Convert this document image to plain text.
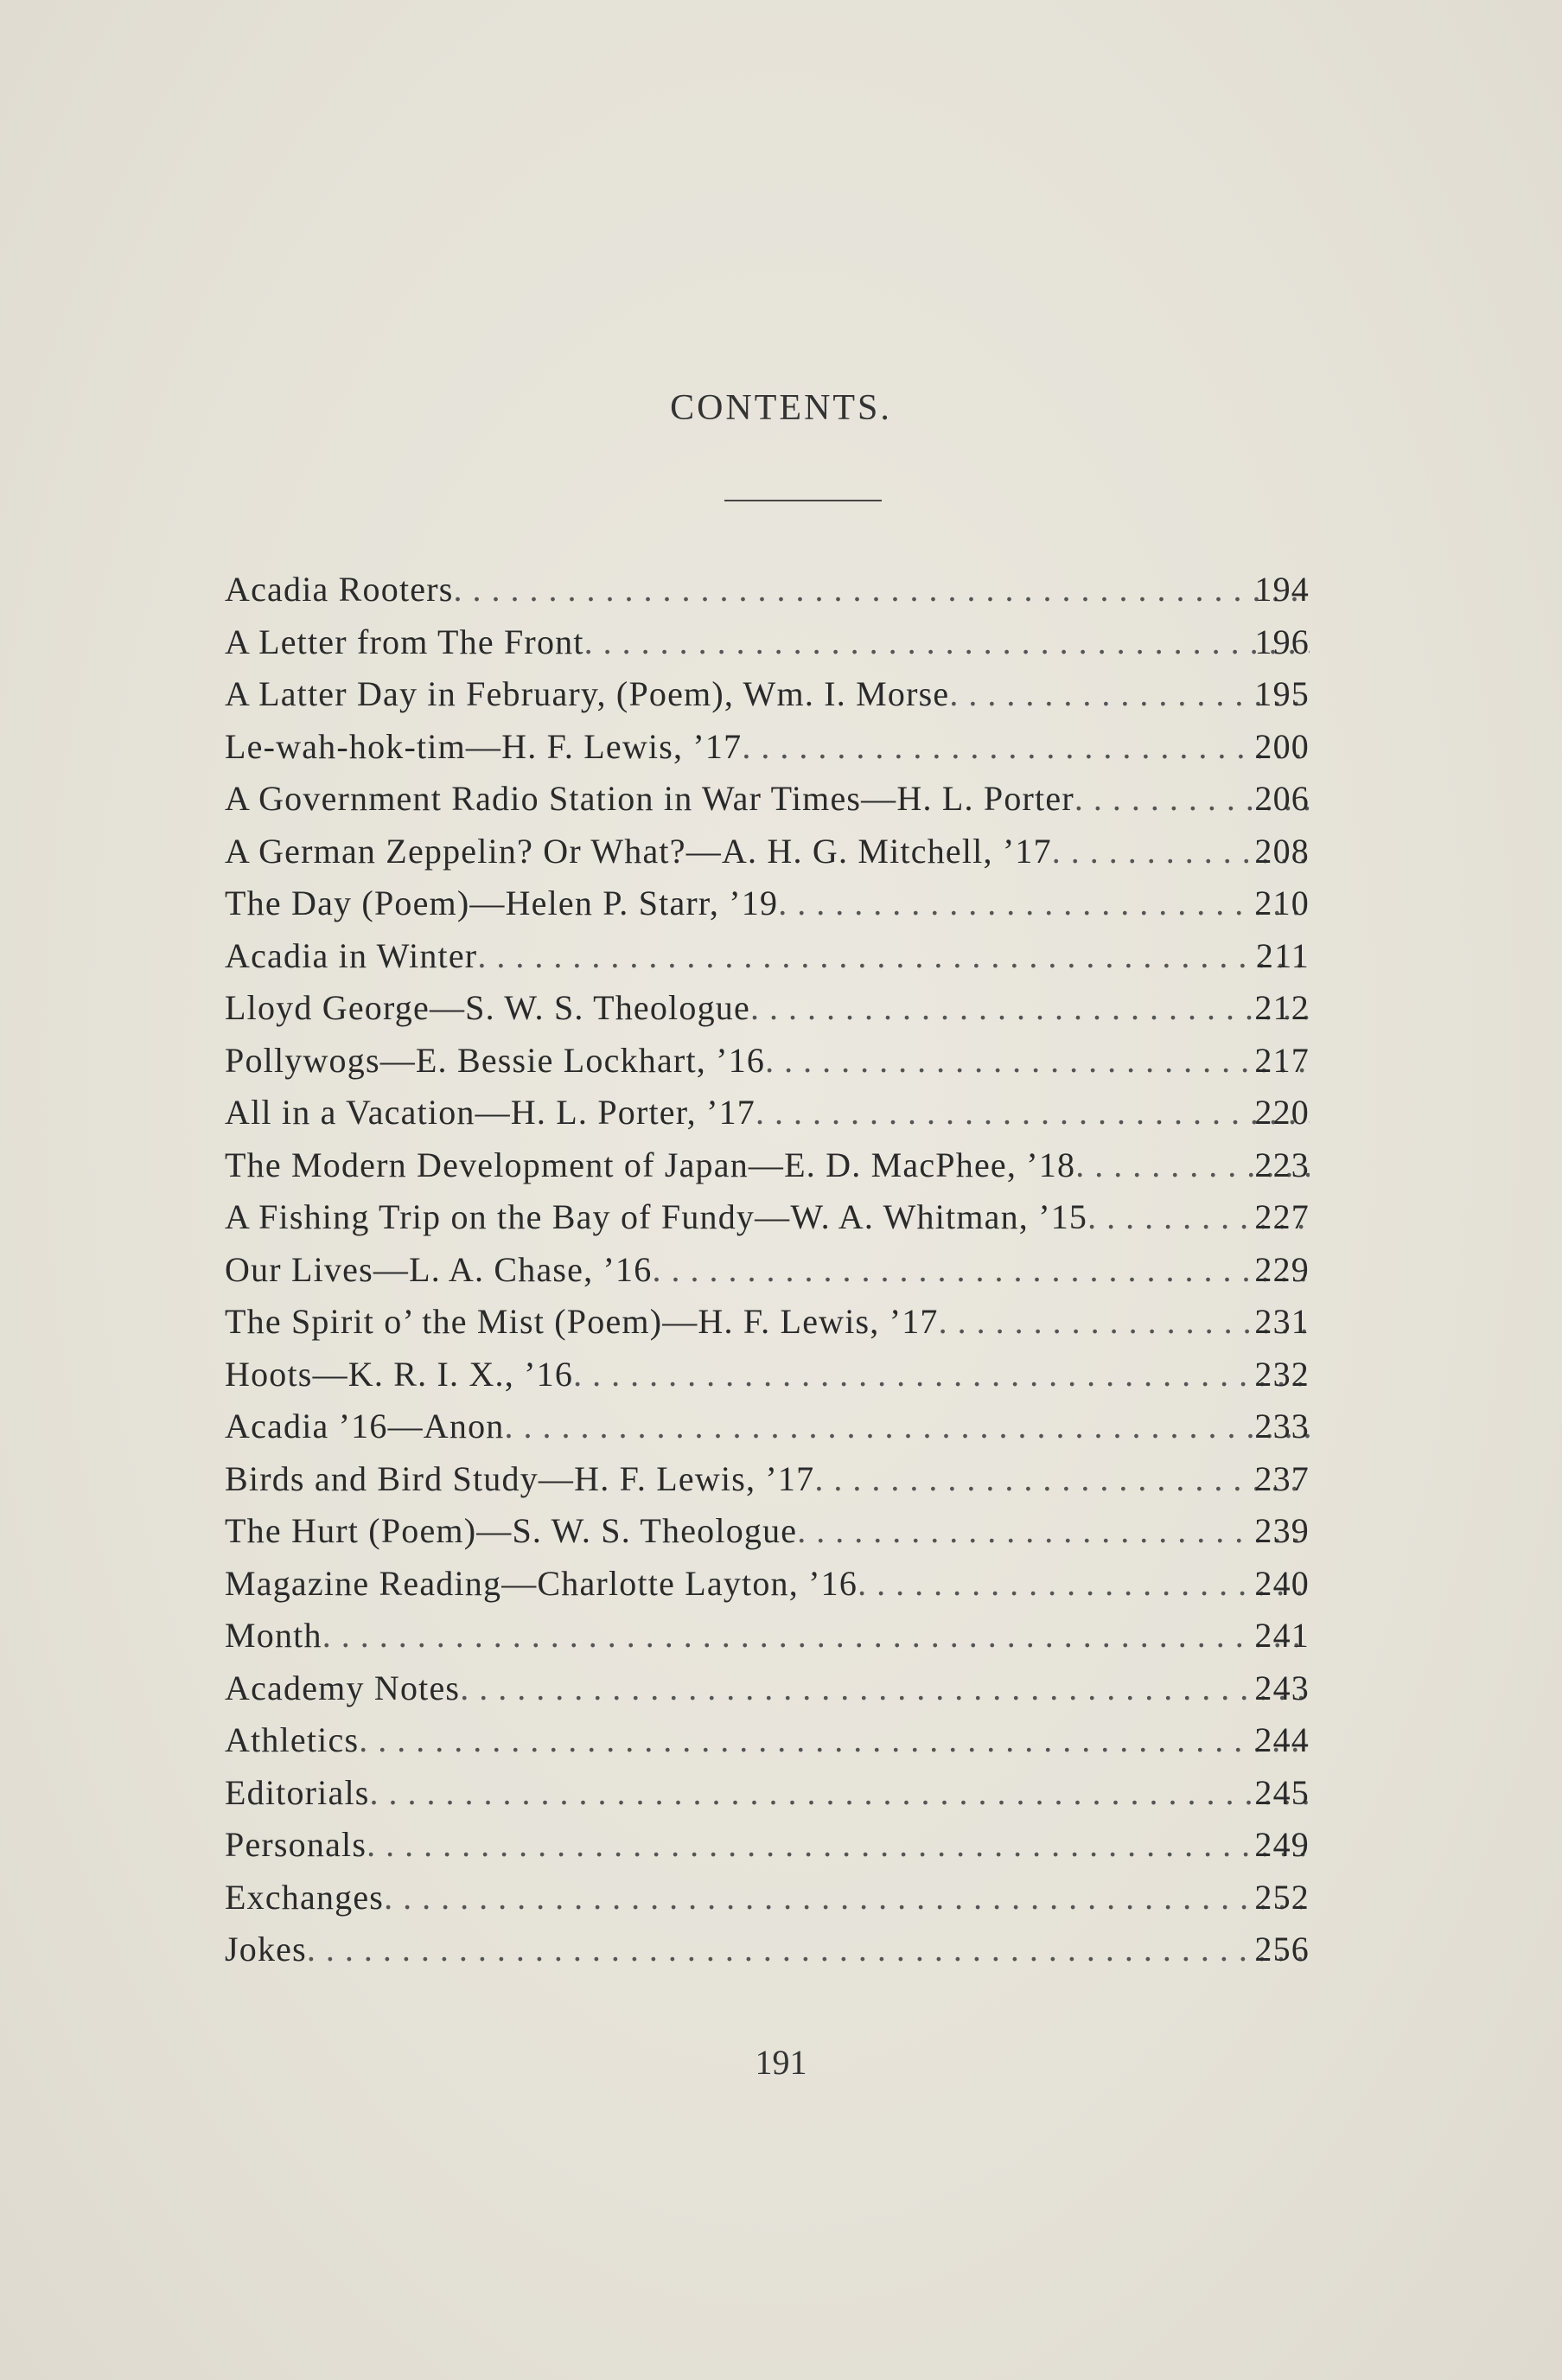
CONTENTS.
Acadia Rooters . . .	194
A Letter from The Front . . .	196
A Latter Day in February, (Poem), Wm. I. Morse . . .	195
Le-wah-hok-tim—H. F. Lewis, ’17 . . .	200
A Government Radio Station in War Times—H. L. Porter . . .	206
A German Zeppelin? Or What?—A. H. G. Mitchell, ’17 . . .	208
The Day (Poem)—Helen P. Starr, ’19 . . .	210
Acadia in Winter . . .	211
Lloyd George—S. W. S. Theologue . . .	212
Pollywogs—E. Bessie Lockhart, ’16 . . .	217
All in a Vacation—H. L. Porter, ’17 . . .	220
The Modern Development of Japan—E. D. MacPhee, ’18 . . .	223
A Fishing Trip on the Bay of Fundy—W. A. Whitman, ’15 . . .	227
Our Lives—L. A. Chase, ’16 . . .	229
The Spirit o’ the Mist (Poem)—H. F. Lewis, ’17 . . .	231
Hoots—K. R. I. X., ’16 . . .	232
Acadia ’16—Anon . . .	233
Birds and Bird Study—H. F. Lewis, ’17 . . .	237
The Hurt (Poem)—S. W. S. Theologue . . .	239
Magazine Reading—Charlotte Layton, ’16 . . .	240
Month . . .	241
Academy Notes . . .	243
Athletics . . .	244
Editorials . . .	245
Personals . . .	249
Exchanges . . .	252
Jokes . . .	256
191
